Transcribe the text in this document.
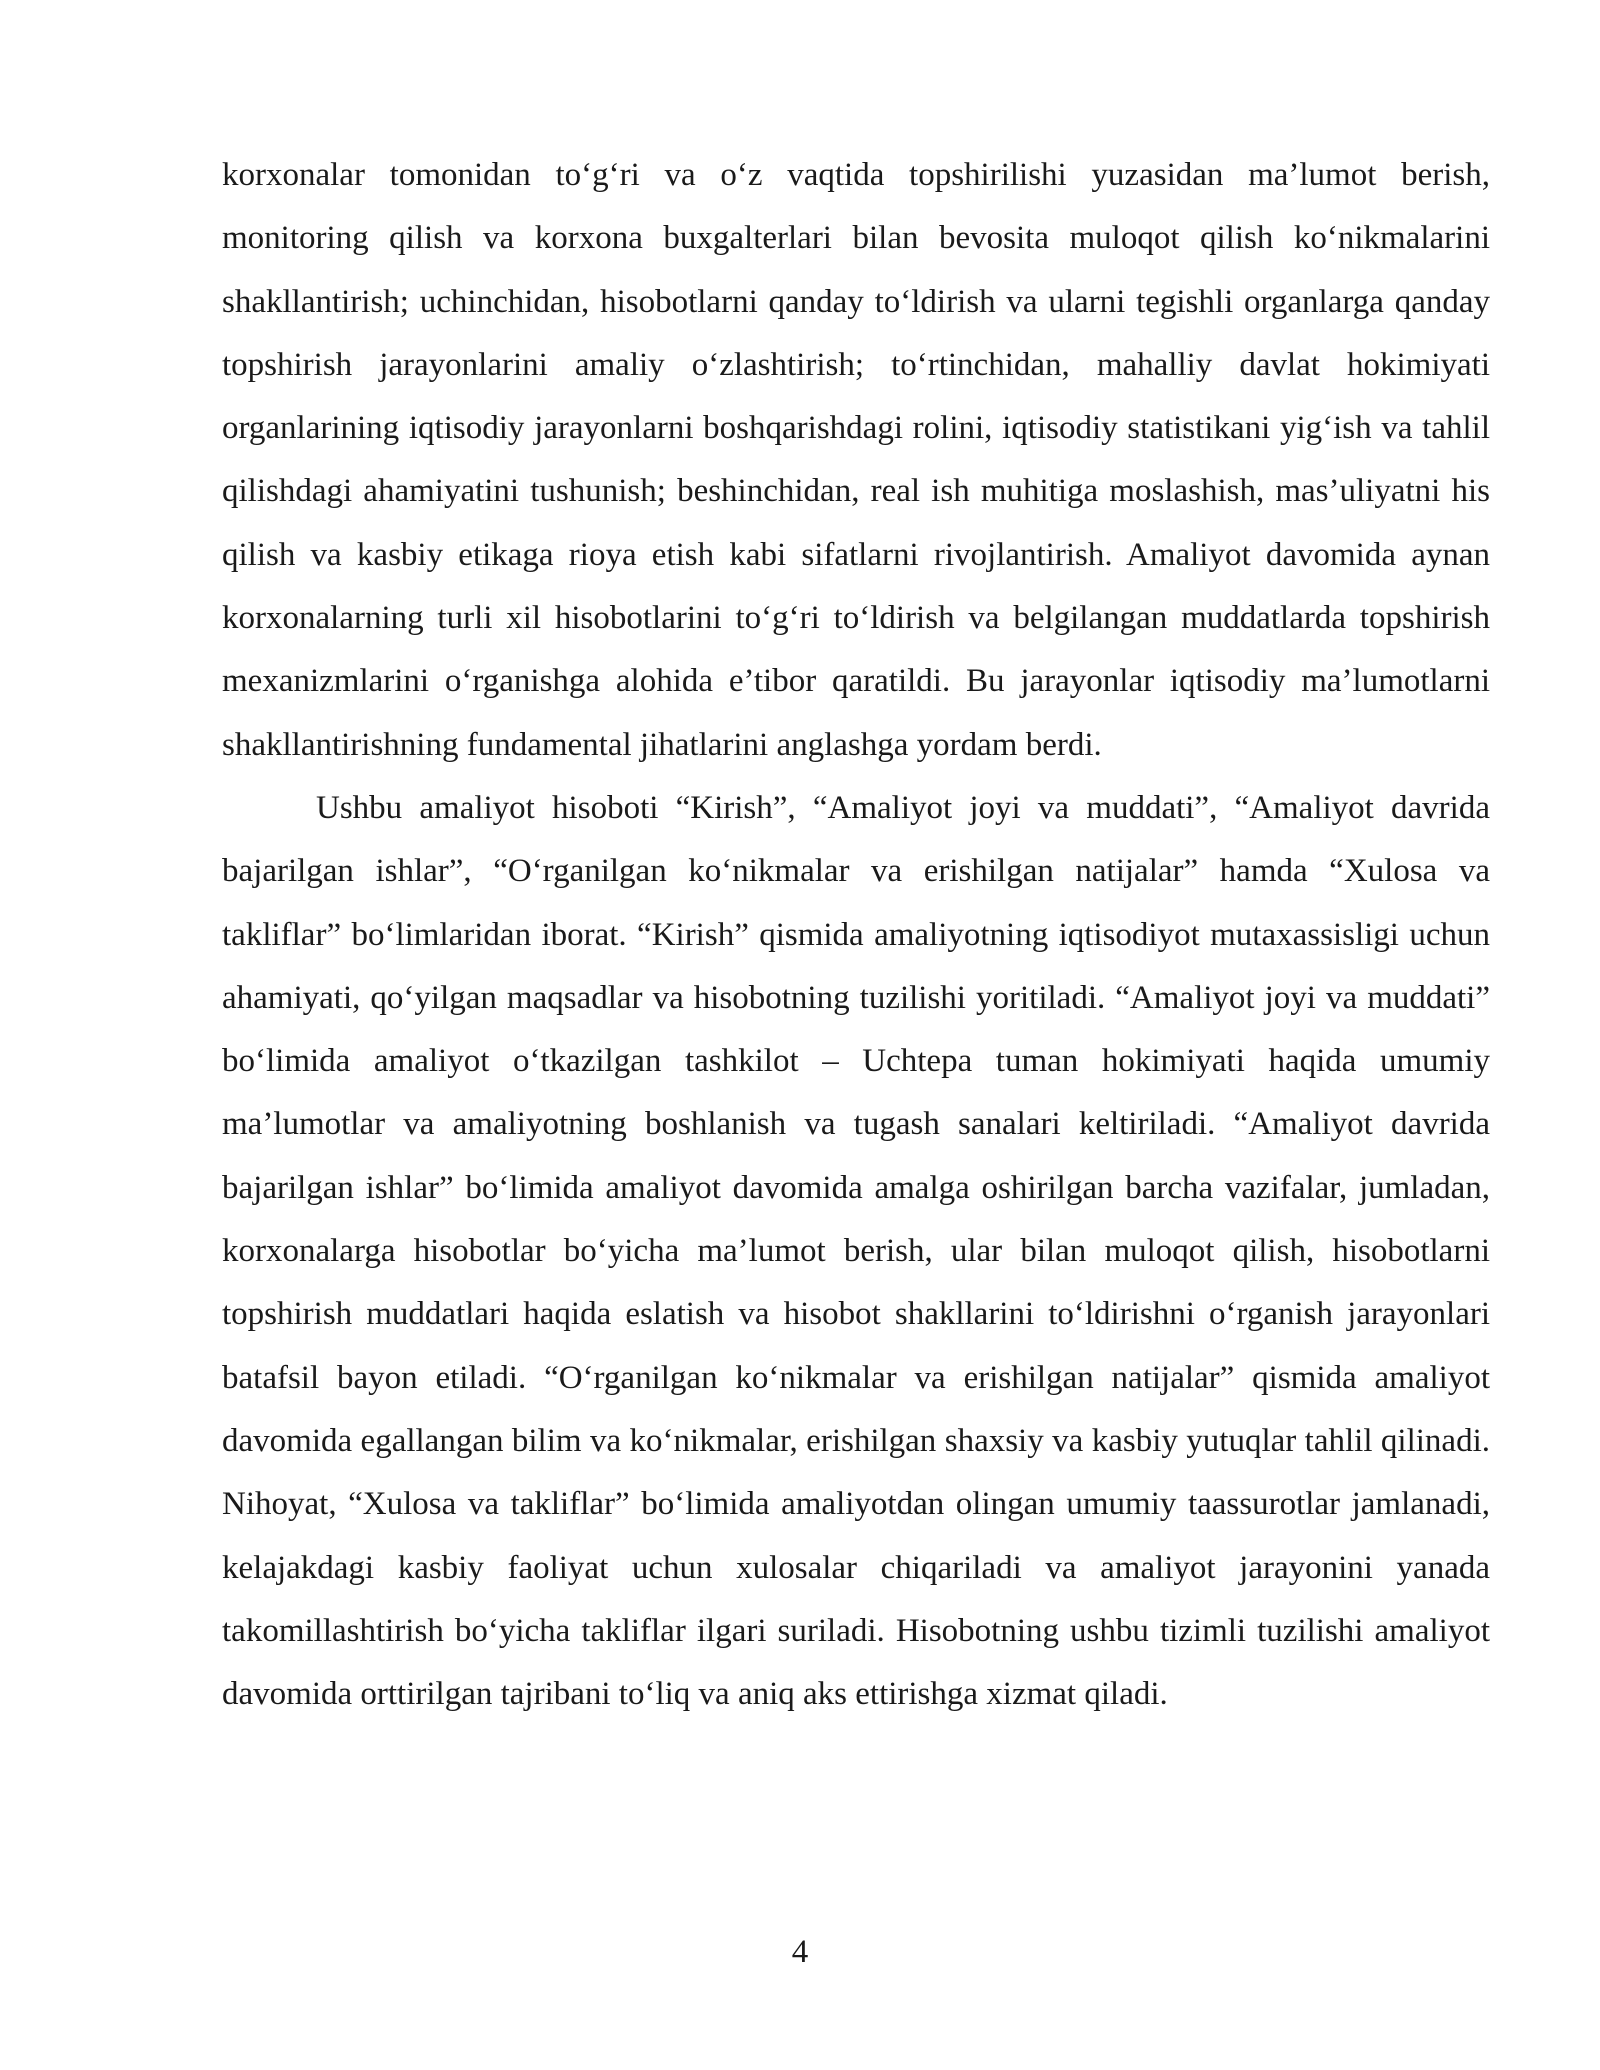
korxonalar tomonidan to‘g‘ri va o‘z vaqtida topshirilishi yuzasidan ma’lumot berish, monitoring qilish va korxona buxgalterlari bilan bevosita muloqot qilish ko‘nikmalarini shakllantirish; uchinchidan, hisobotlarni qanday to‘ldirish va ularni tegishli organlarga qanday topshirish jarayonlarini amaliy o‘zlashtirish; to‘rtinchidan, mahalliy davlat hokimiyati organlarining iqtisodiy jarayonlarni boshqarishdagi rolini, iqtisodiy statistikani yig‘ish va tahlil qilishdagi ahamiyatini tushunish; beshinchidan, real ish muhitiga moslashish, mas’uliyatni his qilish va kasbiy etikaga rioya etish kabi sifatlarni rivojlantirish. Amaliyot davomida aynan korxonalarning turli xil hisobotlarini to‘g‘ri to‘ldirish va belgilangan muddatlarda topshirish mexanizmlarini o‘rganishga alohida e’tibor qaratildi. Bu jarayonlar iqtisodiy ma’lumotlarni shakllantirishning fundamental jihatlarini anglashga yordam berdi.

Ushbu amaliyot hisoboti “Kirish”, “Amaliyot joyi va muddati”, “Amaliyot davrida bajarilgan ishlar”, “O‘rganilgan ko‘nikmalar va erishilgan natijalar” hamda “Xulosa va takliflar” bo‘limlaridan iborat. “Kirish” qismida amaliyotning iqtisodiyot mutaxassisligi uchun ahamiyati, qo‘yilgan maqsadlar va hisobotning tuzilishi yoritiladi. “Amaliyot joyi va muddati” bo‘limida amaliyot o‘tkazilgan tashkilot – Uchtepa tuman hokimiyati haqida umumiy ma’lumotlar va amaliyotning boshlanish va tugash sanalari keltiriladi. “Amaliyot davrida bajarilgan ishlar” bo‘limida amaliyot davomida amalga oshirilgan barcha vazifalar, jumladan, korxonalarga hisobotlar bo‘yicha ma’lumot berish, ular bilan muloqot qilish, hisobotlarni topshirish muddatlari haqida eslatish va hisobot shakllarini to‘ldirishni o‘rganish jarayonlari batafsil bayon etiladi. “O‘rganilgan ko‘nikmalar va erishilgan natijalar” qismida amaliyot davomida egallangan bilim va ko‘nikmalar, erishilgan shaxsiy va kasbiy yutuqlar tahlil qilinadi. Nihoyat, “Xulosa va takliflar” bo‘limida amaliyotdan olingan umumiy taassurotlar jamlanadi, kelajakdagi kasbiy faoliyat uchun xulosalar chiqariladi va amaliyot jarayonini yanada takomillashtirish bo‘yicha takliflar ilgari suriladi. Hisobotning ushbu tizimli tuzilishi amaliyot davomida orttirilgan tajribani to‘liq va aniq aks ettirishga xizmat qiladi.

4
